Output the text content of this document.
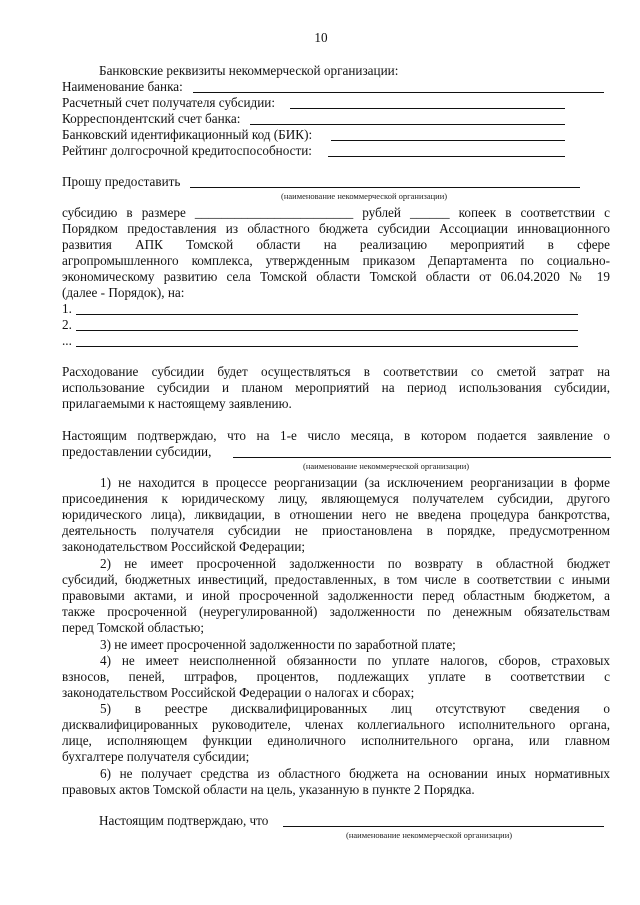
10
Банковские реквизиты некоммерческой организации:
Наименование банка:
Расчетный счет получателя субсидии:
Корреспондентский счет банка:
Банковский идентификационный код (БИК):
Рейтинг долгосрочной кредитоспособности:
Прошу предоставить
(наименование некоммерческой организации)
субсидию в размере ________________________ рублей ______ копеек в соответствии с
Порядком предоставления из областного бюджета субсидии Ассоциации инновационного
развития АПК Томской области на реализацию мероприятий в сфере
агропромышленного комплекса, утвержденным приказом Департамента по социально-
экономическому развитию села Томской области Томской области от 06.04.2020 № 19
(далее - Порядок), на:
1.
2.
...
Расходование субсидии будет осуществляться в соответствии со сметой затрат на
использование субсидии и планом мероприятий на период использования субсидии,
прилагаемыми к настоящему заявлению.
Настоящим подтверждаю, что на 1-е число месяца, в котором подается заявление о
предоставлении субсидии,
(наименование некоммерческой организации)
1) не находится в процессе реорганизации (за исключением реорганизации в форме
присоединения к юридическому лицу, являющемуся получателем субсидии, другого
юридического лица), ликвидации, в отношении него не введена процедура банкротства,
деятельность получателя субсидии не приостановлена в порядке, предусмотренном
законодательством Российской Федерации;
2) не имеет просроченной задолженности по возврату в областной бюджет
субсидий, бюджетных инвестиций, предоставленных, в том числе в соответствии с иными
правовыми актами, и иной просроченной задолженности перед областным бюджетом, а
также просроченной (неурегулированной) задолженности по денежным обязательствам
перед Томской областью;
3) не имеет просроченной задолженности по заработной плате;
4) не имеет неисполненной обязанности по уплате налогов, сборов, страховых
взносов, пеней, штрафов, процентов, подлежащих уплате в соответствии с
законодательством Российской Федерации о налогах и сборах;
5) в реестре дисквалифицированных лиц отсутствуют сведения о
дисквалифицированных руководителе, членах коллегиального исполнительного органа,
лице, исполняющем функции единоличного исполнительного органа, или главном
бухгалтере получателя субсидии;
6) не получает средства из областного бюджета на основании иных нормативных
правовых актов Томской области на цель, указанную в пункте 2 Порядка.
Настоящим подтверждаю, что
(наименование некоммерческой организации)
